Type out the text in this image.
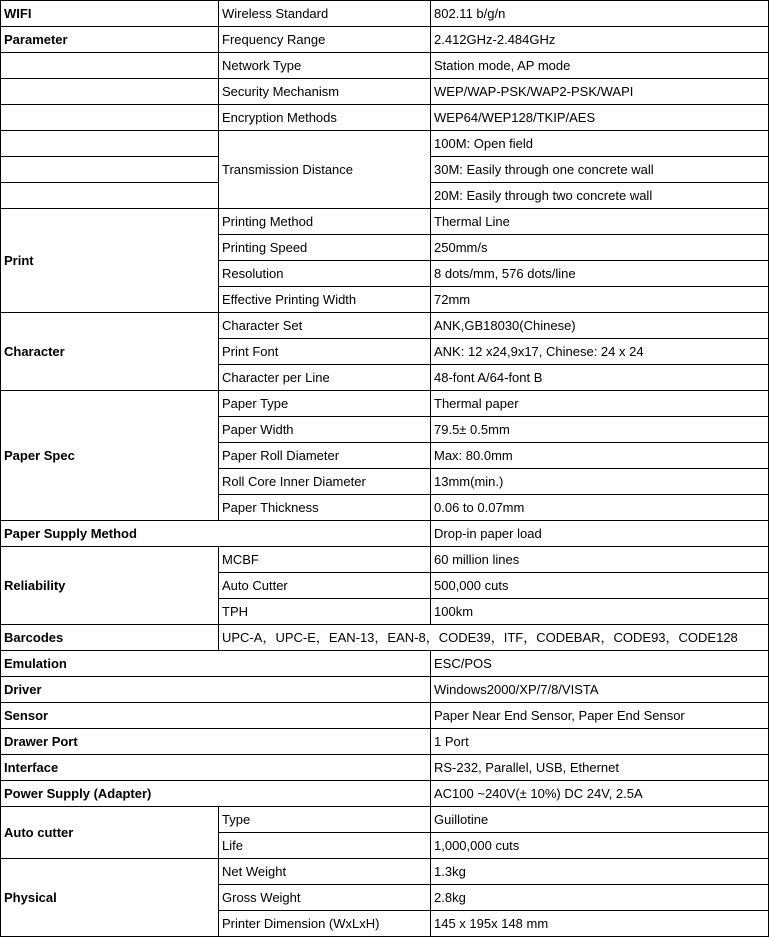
WIFI	Wireless Standard	802.11 b/g/n
Parameter	Frequency Range	2.412GHz-2.484GHz
	Network Type	Station mode, AP mode
	Security Mechanism	WEP/WAP-PSK/WAP2-PSK/WAPI
	Encryption Methods	WEP64/WEP128/TKIP/AES
	Transmission Distance	100M: Open field
		30M: Easily through one concrete wall
		20M: Easily through two concrete wall
Print	Printing Method	Thermal Line
	Printing Speed	250mm/s
	Resolution	8 dots/mm, 576 dots/line
	Effective Printing Width	72mm
Character	Character Set	ANK,GB18030(Chinese)
	Print Font	ANK: 12 x24,9x17, Chinese: 24 x 24
	Character per Line	48-font A/64-font B
Paper Spec	Paper Type	Thermal paper
	Paper Width	79.5± 0.5mm
	Paper Roll Diameter	Max: 80.0mm
	Roll Core Inner Diameter	13mm(min.)
	Paper Thickness	0.06 to 0.07mm
Paper Supply Method		Drop-in paper load
Reliability	MCBF	60 million lines
	Auto Cutter	500,000 cuts
	TPH	100km
Barcodes	UPC-A，UPC-E，EAN-13，EAN-8，CODE39，ITF，CODEBAR，CODE93，CODE128	
Emulation		ESC/POS
Driver		Windows2000/XP/7/8/VISTA
Sensor		Paper Near End Sensor, Paper End Sensor
Drawer Port		1 Port
Interface		RS-232, Parallel, USB, Ethernet
Power Supply (Adapter)		AC100 ~240V(± 10%) DC 24V, 2.5A
Auto cutter	Type	Guillotine
	Life	1,000,000 cuts
Physical	Net Weight	1.3kg
	Gross Weight	2.8kg
	Printer Dimension (WxLxH)	145 x 195x 148 mm
